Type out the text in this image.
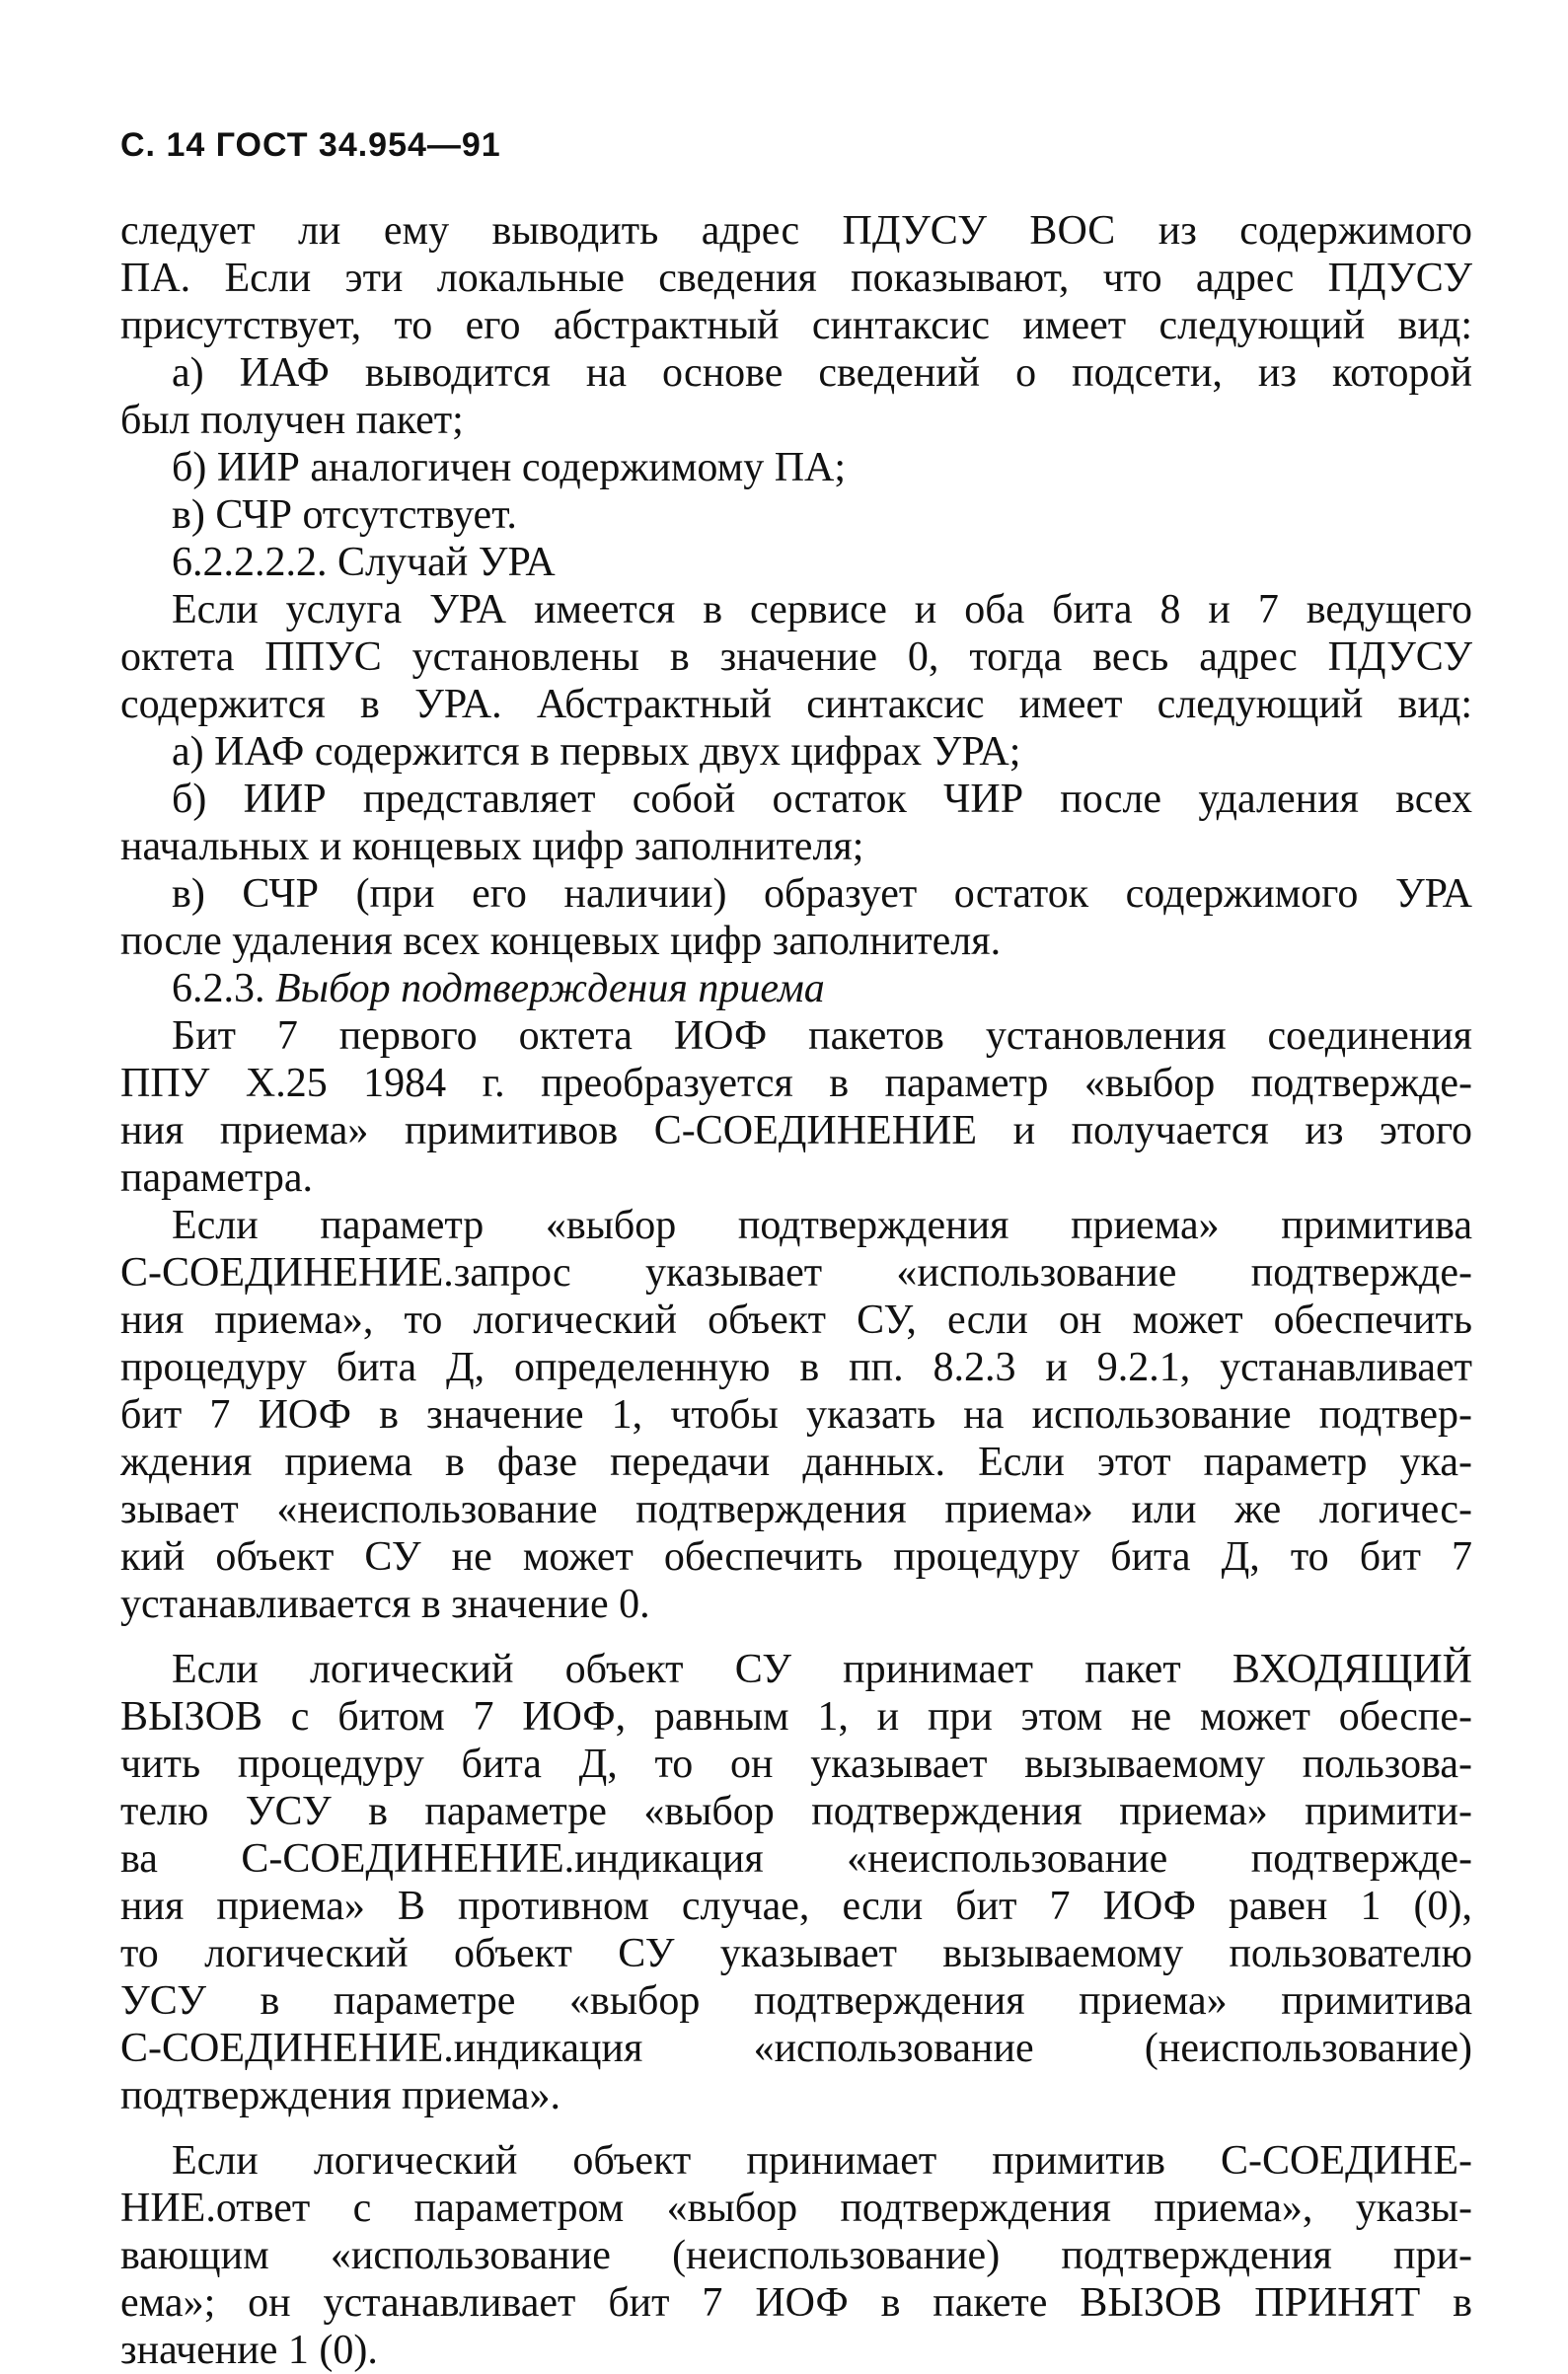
С. 14 ГОСТ 34.954—91
следует ли ему выводить адрес ПДУСУ ВОС из содержимого
ПА. Если эти локальные сведения показывают, что адрес ПДУСУ
присутствует, то его абстрактный синтаксис имеет следующий вид:
а) ИАФ выводится на основе сведений о подсети, из которой
был получен пакет;
б) ИИР аналогичен содержимому ПА;
в) СЧР отсутствует.
6.2.2.2.2. Случай УРА
Если услуга УРА имеется в сервисе и оба бита 8 и 7 ведущего
октета ППУС установлены в значение 0, тогда весь адрес ПДУСУ
содержится в УРА. Абстрактный синтаксис имеет следующий вид:
а) ИАФ содержится в первых двух цифрах УРА;
б) ИИР представляет собой остаток ЧИР после удаления всех
начальных и концевых цифр заполнителя;
в) СЧР (при его наличии) образует остаток содержимого УРА
после удаления всех концевых цифр заполнителя.
6.2.3. Выбор подтверждения приема
Бит 7 первого октета ИОФ пакетов установления соединения
ППУ Х.25 1984 г. преобразуется в параметр «выбор подтвержде-
ния приема» примитивов С-СОЕДИНЕНИЕ и получается из этого
параметра.
Если параметр «выбор подтверждения приема» примитива
С-СОЕДИНЕНИЕ.запрос указывает «использование подтвержде-
ния приема», то логический объект СУ, если он может обеспечить
процедуру бита Д, определенную в пп. 8.2.3 и 9.2.1, устанавливает
бит 7 ИОФ в значение 1, чтобы указать на использование подтвер-
ждения приема в фазе передачи данных. Если этот параметр ука-
зывает «неиспользование подтверждения приема» или же логичес-
кий объект СУ не может обеспечить процедуру бита Д, то бит 7
устанавливается в значение 0.
Если логический объект СУ принимает пакет ВХОДЯЩИЙ
ВЫЗОВ с битом 7 ИОФ, равным 1, и при этом не может обеспе-
чить процедуру бита Д, то он указывает вызываемому пользова-
телю УСУ в параметре «выбор подтверждения приема» примити-
ва С-СОЕДИНЕНИЕ.индикация «неиспользование подтвержде-
ния приема» В противном случае, если бит 7 ИОФ равен 1 (0),
то логический объект СУ указывает вызываемому пользователю
УСУ в параметре «выбор подтверждения приема» примитива
С-СОЕДИНЕНИЕ.индикация «использование (неиспользование)
подтверждения приема».
Если логический объект принимает примитив С-СОЕДИНЕ-
НИЕ.ответ с параметром «выбор подтверждения приема», указы-
вающим «использование (неиспользование) подтверждения при-
ема»; он устанавливает бит 7 ИОФ в пакете ВЫЗОВ ПРИНЯТ в
значение 1 (0).
